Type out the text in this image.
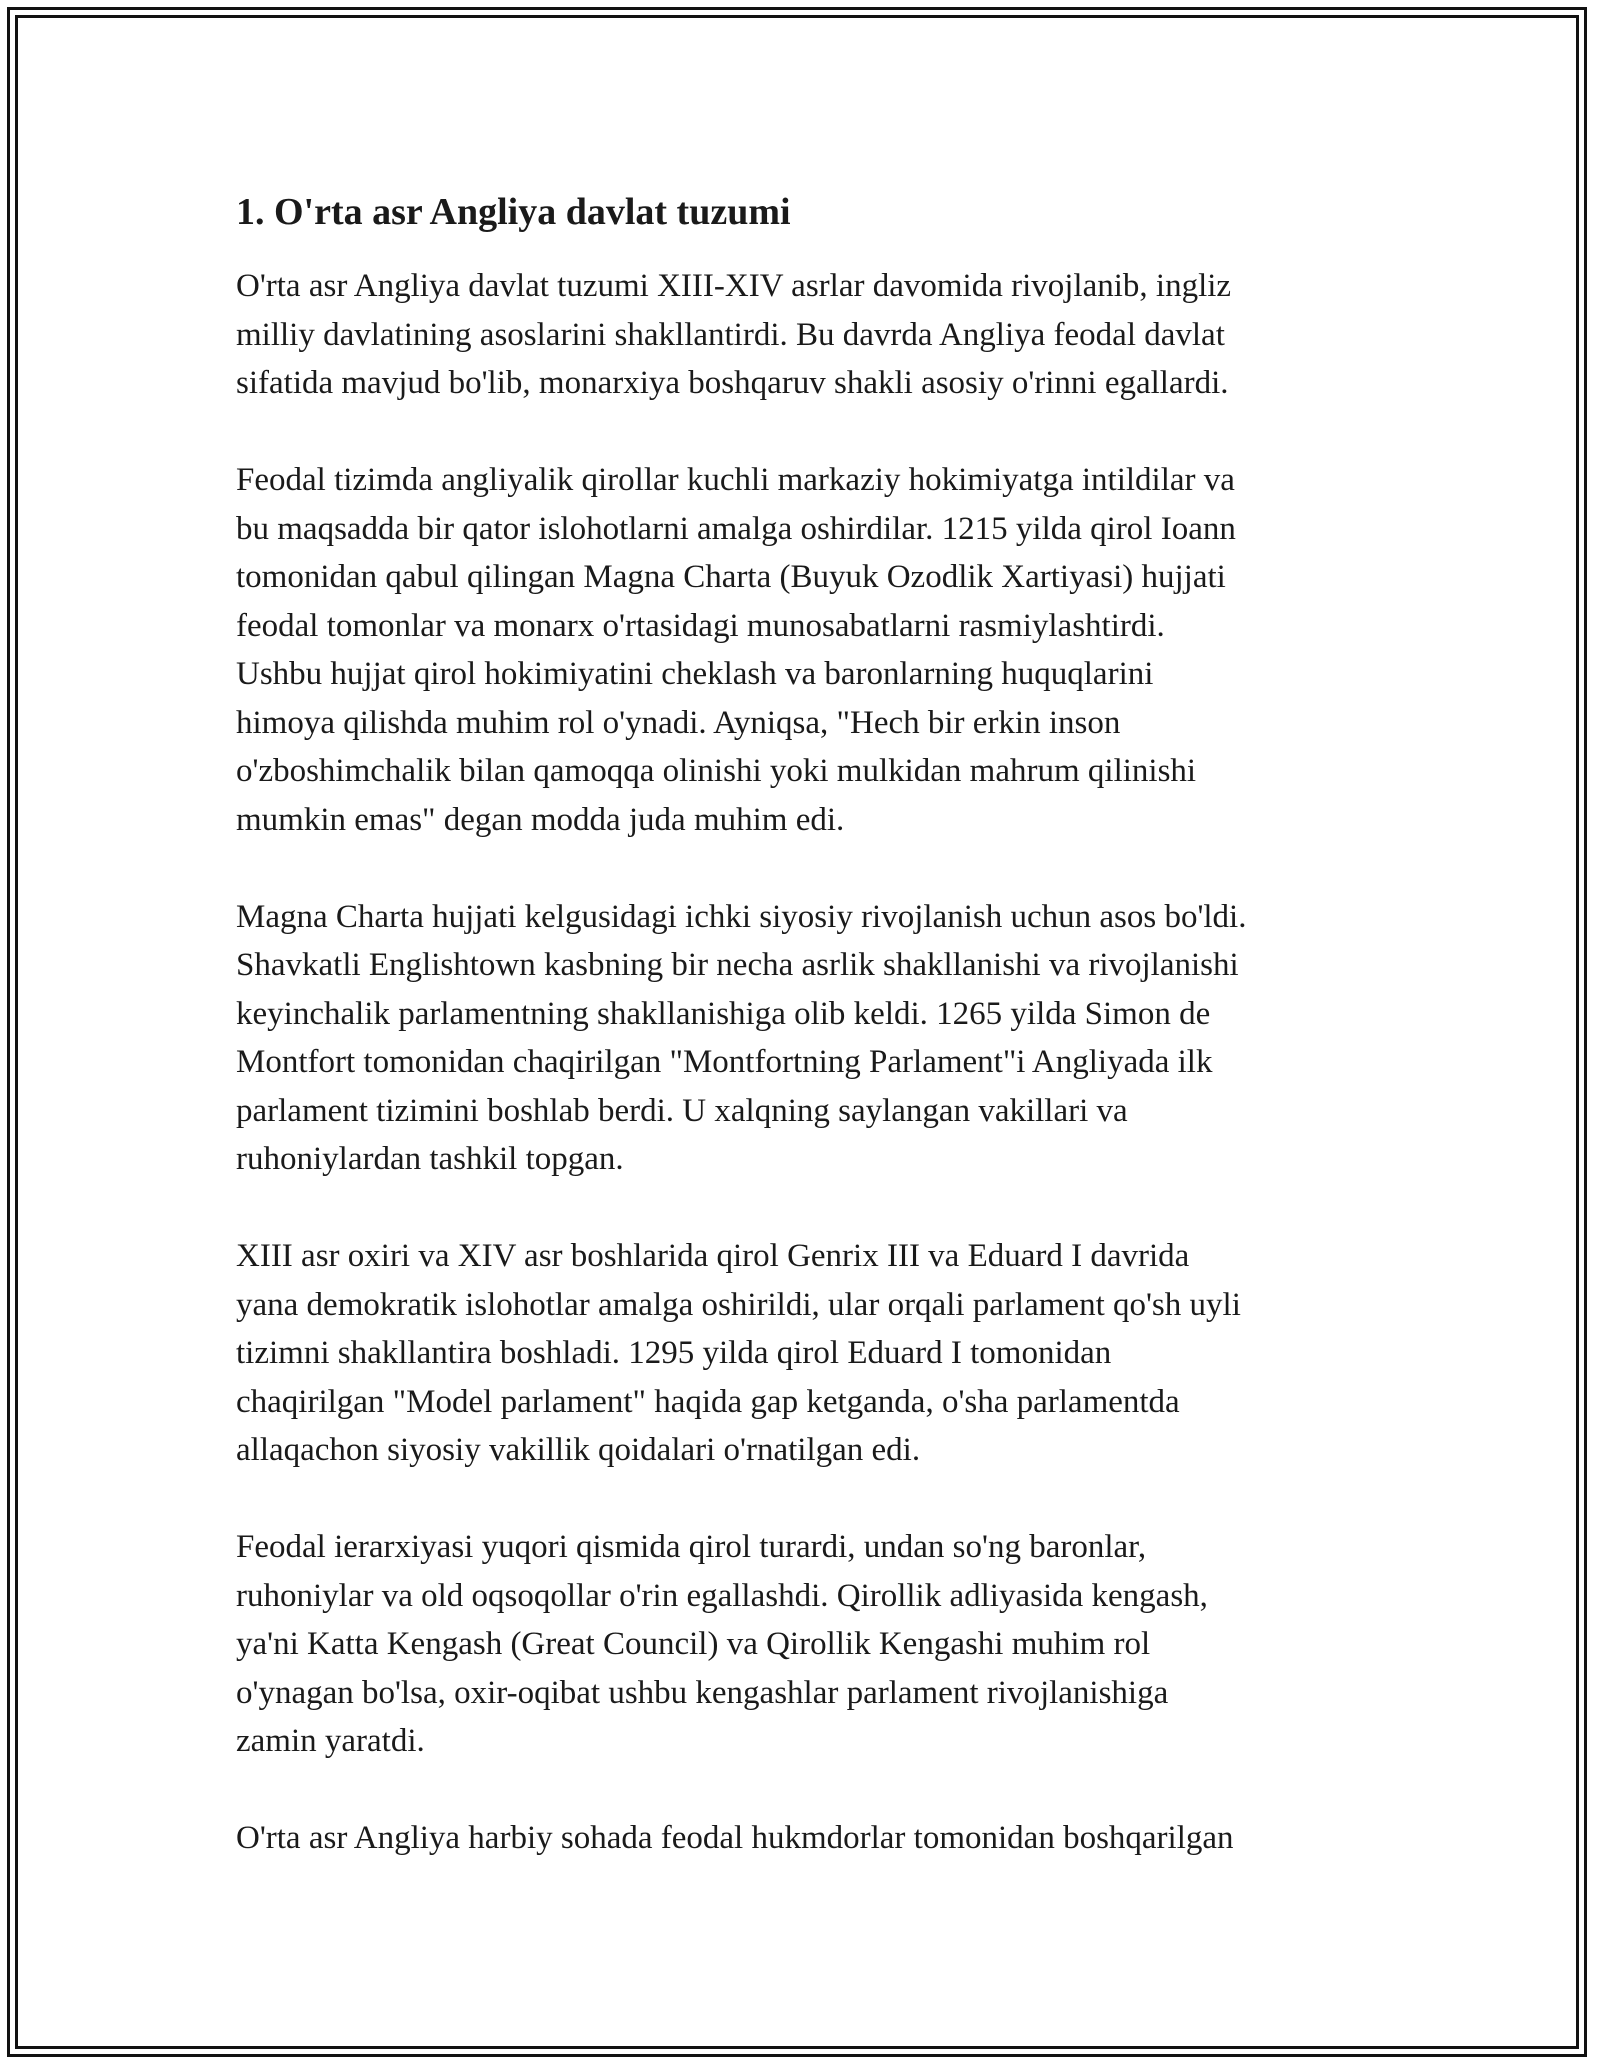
1. O'rta asr Angliya davlat tuzumi

O'rta asr Angliya davlat tuzumi XIII-XIV asrlar davomida rivojlanib, ingliz
milliy davlatining asoslarini shakllantirdi. Bu davrda Angliya feodal davlat
sifatida mavjud bo'lib, monarxiya boshqaruv shakli asosiy o'rinni egallardi.

Feodal tizimda angliyalik qirollar kuchli markaziy hokimiyatga intildilar va
bu maqsadda bir qator islohotlarni amalga oshirdilar. 1215 yilda qirol Ioann
tomonidan qabul qilingan Magna Charta (Buyuk Ozodlik Xartiyasi) hujjati
feodal tomonlar va monarx o'rtasidagi munosabatlarni rasmiylashtirdi.
Ushbu hujjat qirol hokimiyatini cheklash va baronlarning huquqlarini
himoya qilishda muhim rol o'ynadi. Ayniqsa, "Hech bir erkin inson
o'zboshimchalik bilan qamoqqa olinishi yoki mulkidan mahrum qilinishi
mumkin emas" degan modda juda muhim edi.

Magna Charta hujjati kelgusidagi ichki siyosiy rivojlanish uchun asos bo'ldi.
Shavkatli Englishtown kasbning bir necha asrlik shakllanishi va rivojlanishi
keyinchalik parlamentning shakllanishiga olib keldi. 1265 yilda Simon de
Montfort tomonidan chaqirilgan "Montfortning Parlament"i Angliyada ilk
parlament tizimini boshlab berdi. U xalqning saylangan vakillari va
ruhoniylardan tashkil topgan.

XIII asr oxiri va XIV asr boshlarida qirol Genrix III va Eduard I davrida
yana demokratik islohotlar amalga oshirildi, ular orqali parlament qo'sh uyli
tizimni shakllantira boshladi. 1295 yilda qirol Eduard I tomonidan
chaqirilgan "Model parlament" haqida gap ketganda, o'sha parlamentda
allaqachon siyosiy vakillik qoidalari o'rnatilgan edi.

Feodal ierarxiyasi yuqori qismida qirol turardi, undan so'ng baronlar,
ruhoniylar va old oqsoqollar o'rin egallashdi. Qirollik adliyasida kengash,
ya'ni Katta Kengash (Great Council) va Qirollik Kengashi muhim rol
o'ynagan bo'lsa, oxir-oqibat ushbu kengashlar parlament rivojlanishiga
zamin yaratdi.

O'rta asr Angliya harbiy sohada feodal hukmdorlar tomonidan boshqarilgan
